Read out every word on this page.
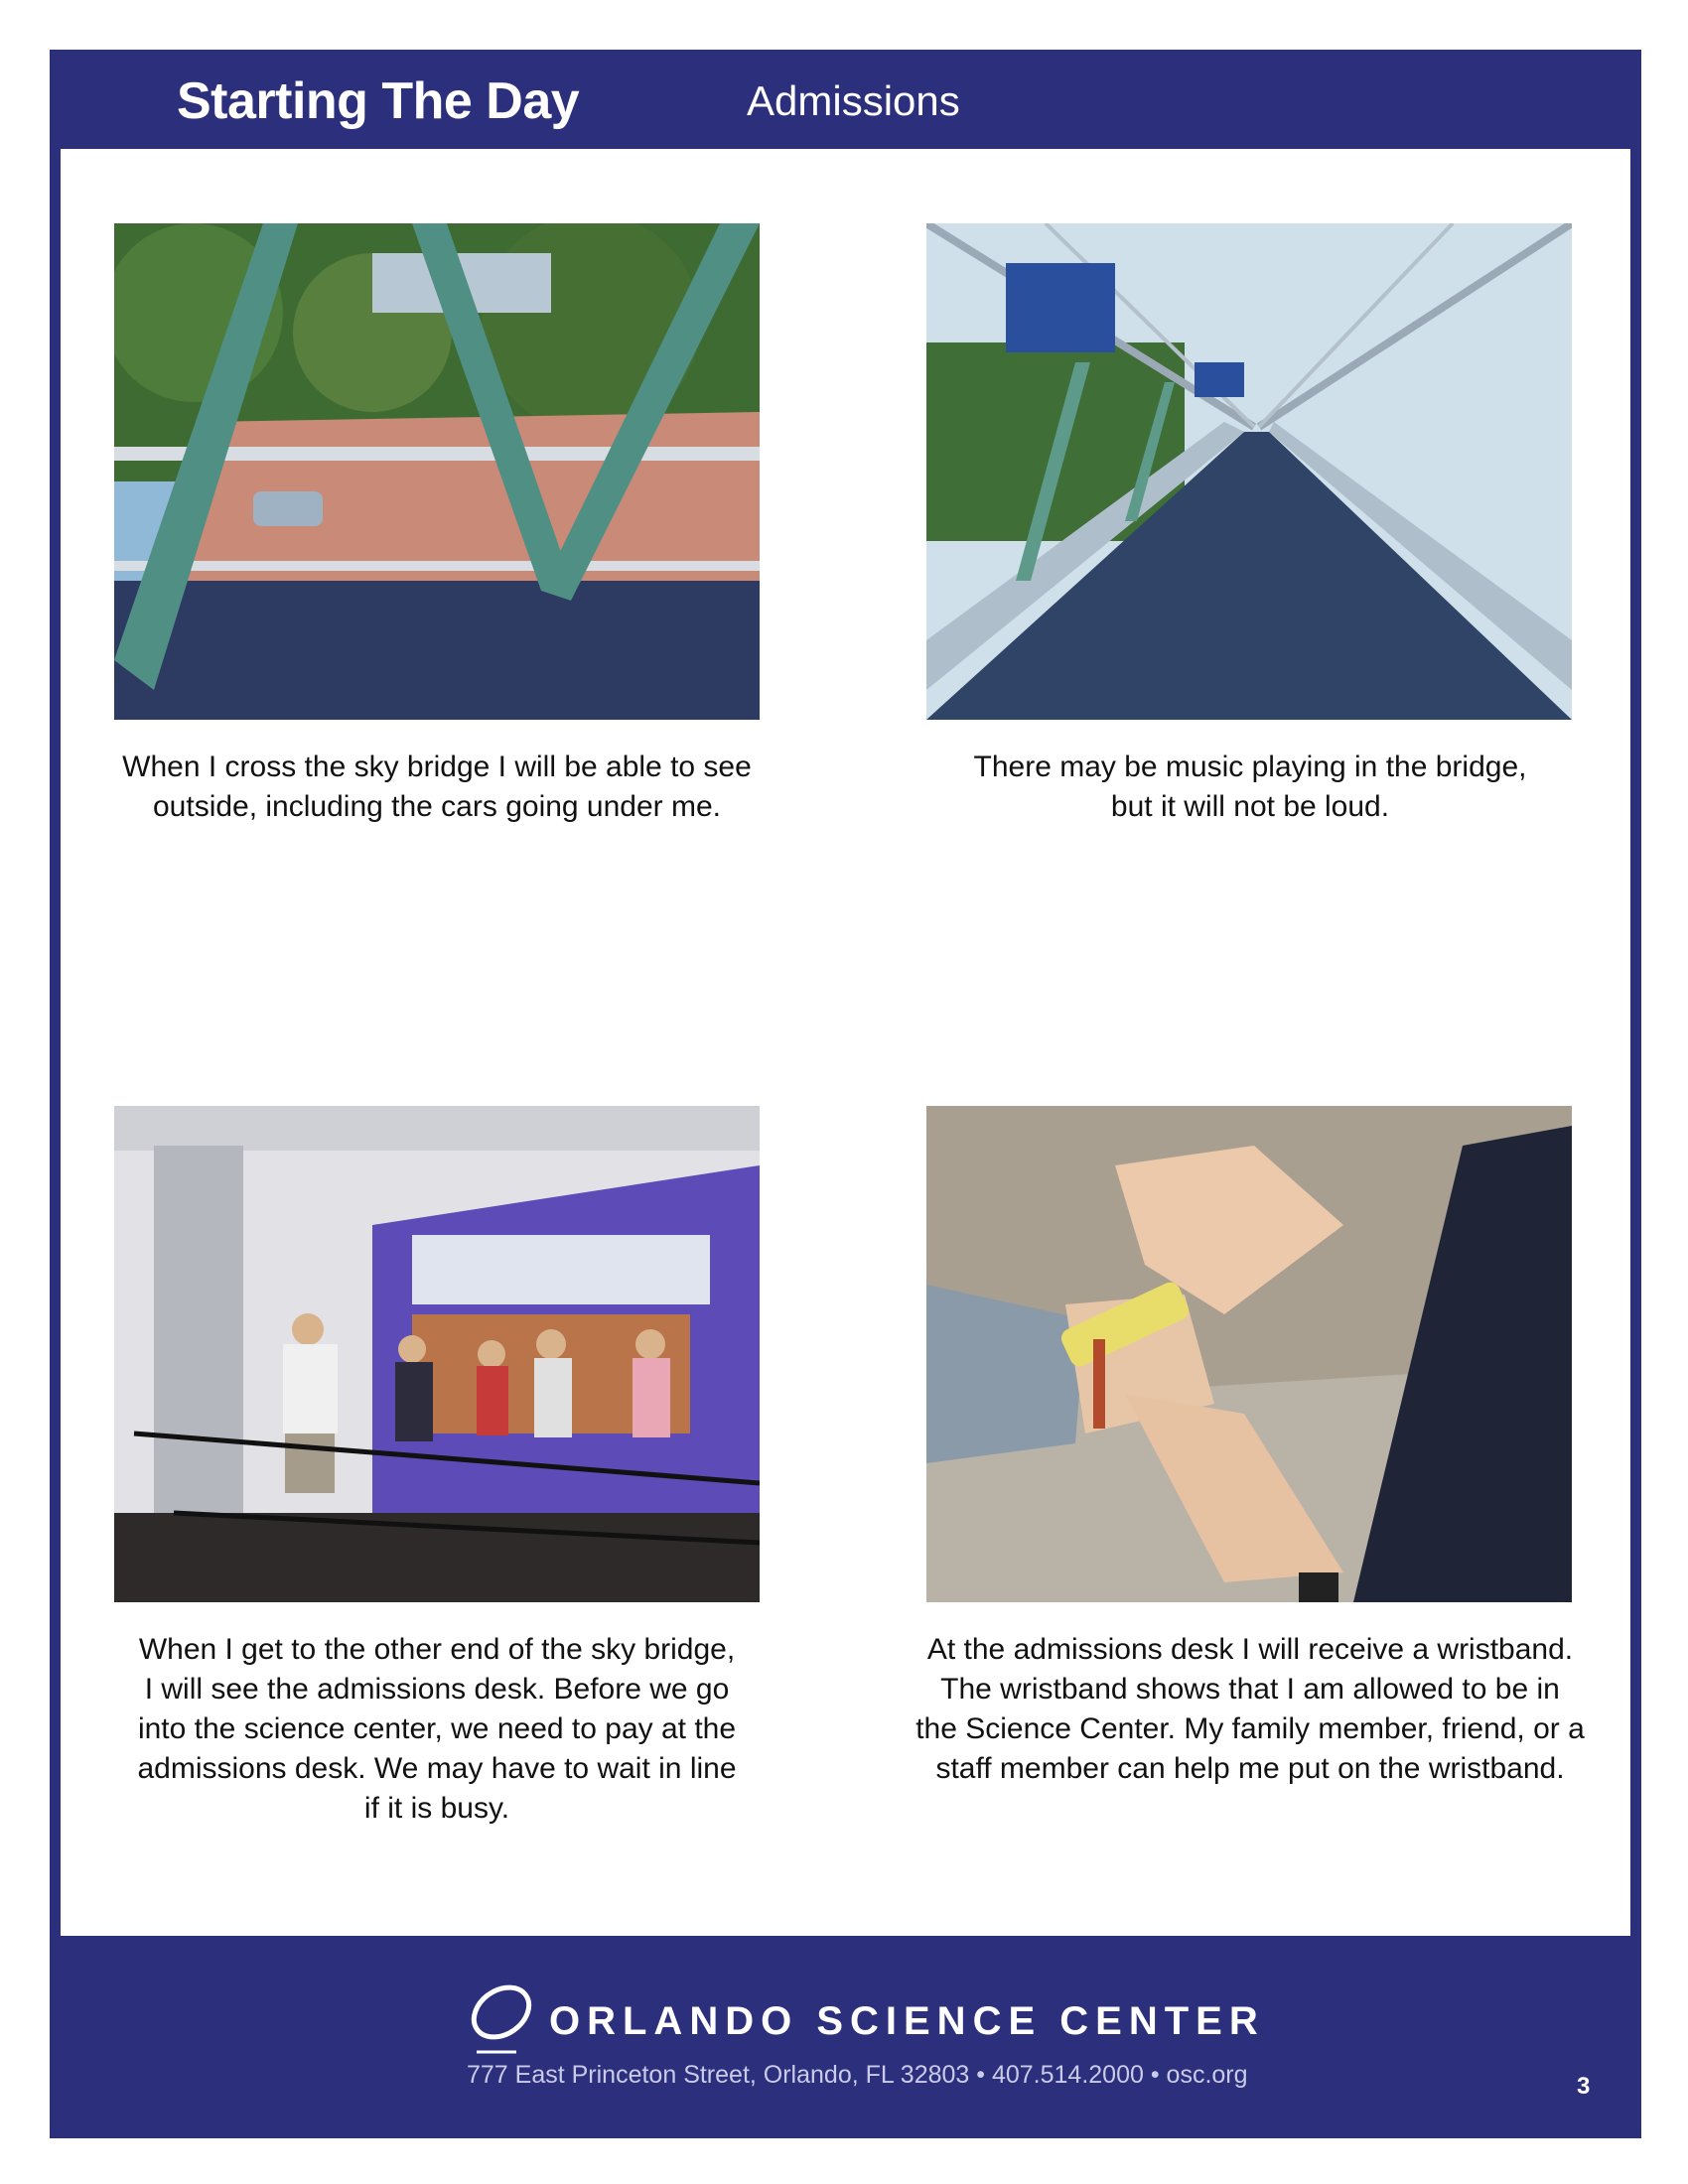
Starting The Day	Admissions
When I cross the sky bridge I will be able to see
outside, including the cars going under me.
There may be music playing in the bridge,
but it will not be loud.
When I get to the other end of the sky bridge,
I will see the admissions desk. Before we go
into the science center, we need to pay at the
admissions desk. We may have to wait in line
if it is busy.
At the admissions desk I will receive a wristband.
The wristband shows that I am allowed to be in
the Science Center. My family member, friend, or a
staff member can help me put on the wristband.
ORLANDO SCIENCE CENTER
777 East Princeton Street, Orlando, FL 32803 • 407.514.2000 • osc.org	3
